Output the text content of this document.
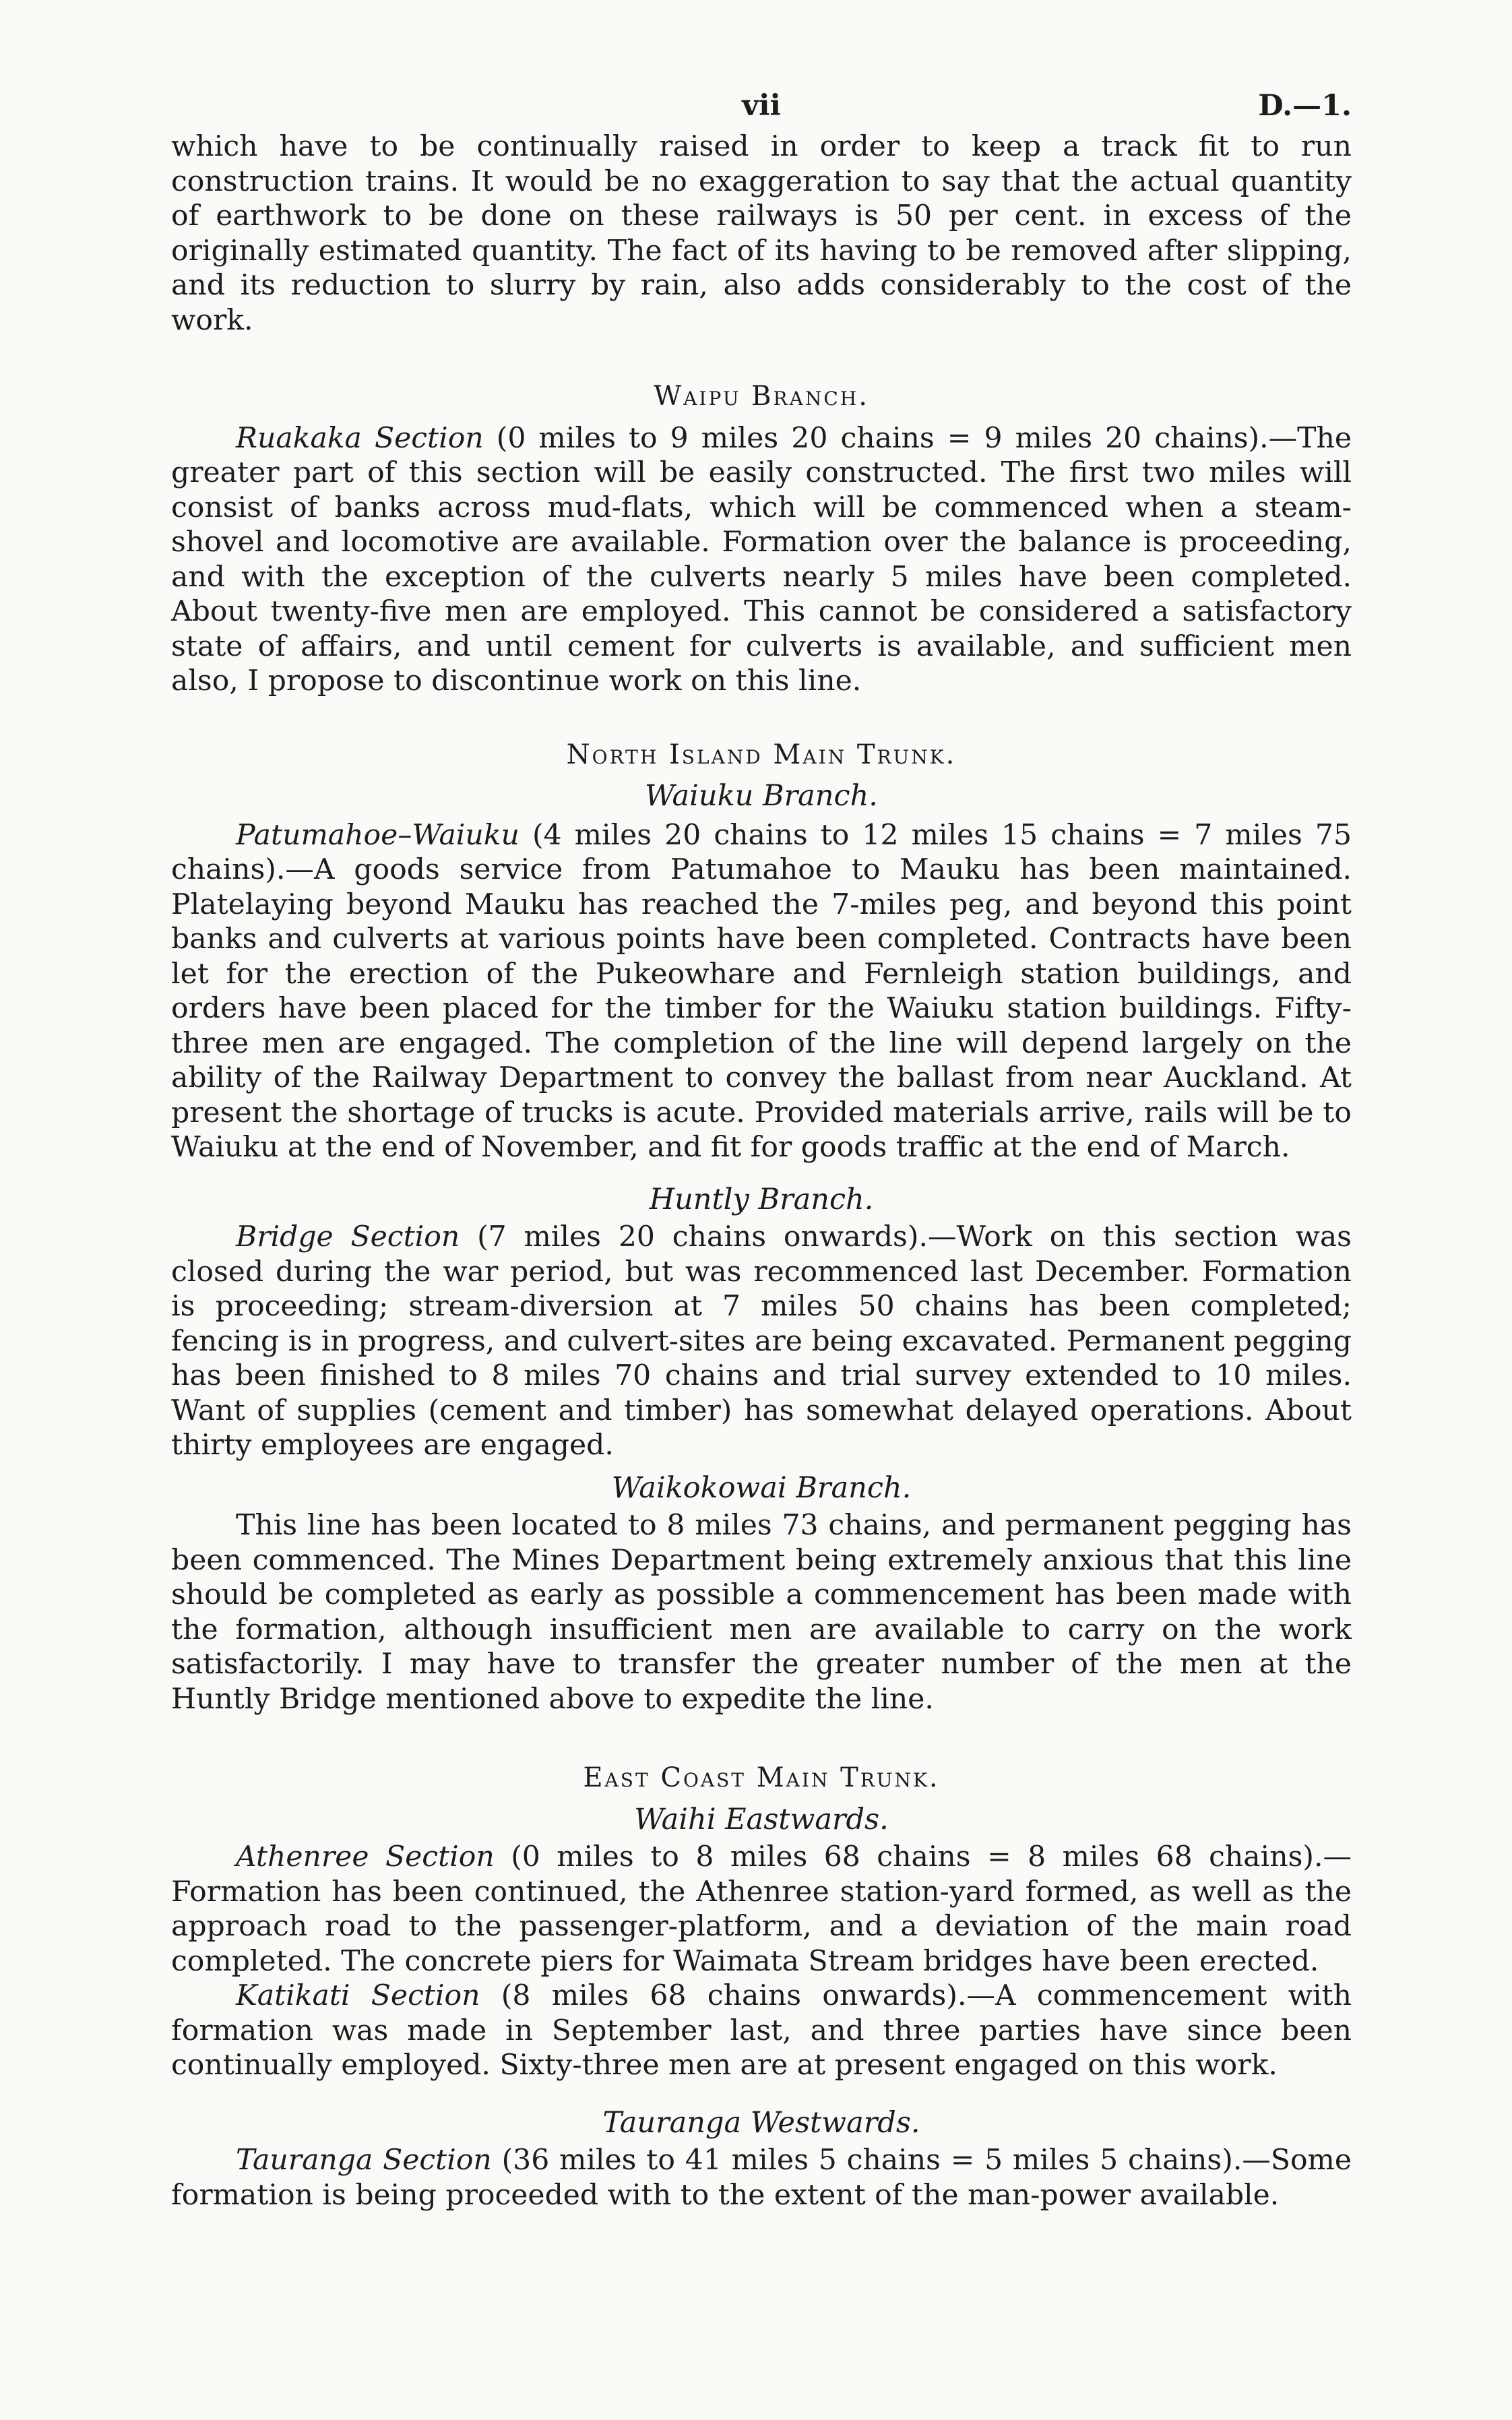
vii	D.—1.

which have to be continually raised in order to keep a track fit to run construction trains. It would be no exaggeration to say that the actual quantity of earthwork to be done on these railways is 50 per cent. in excess of the originally estimated quantity. The fact of its having to be removed after slipping, and its reduction to slurry by rain, also adds considerably to the cost of the work.

Waipu Branch.

Ruakaka Section (0 miles to 9 miles 20 chains = 9 miles 20 chains).—The greater part of this section will be easily constructed. The first two miles will consist of banks across mud-flats, which will be commenced when a steam-shovel and locomotive are available. Formation over the balance is proceeding, and with the exception of the culverts nearly 5 miles have been completed. About twenty-five men are employed. This cannot be considered a satisfactory state of affairs, and until cement for culverts is available, and sufficient men also, I propose to discontinue work on this line.

North Island Main Trunk.

Waiuku Branch.

Patumahoe–Waiuku (4 miles 20 chains to 12 miles 15 chains = 7 miles 75 chains).—A goods service from Patumahoe to Mauku has been maintained. Platelaying beyond Mauku has reached the 7-miles peg, and beyond this point banks and culverts at various points have been completed. Contracts have been let for the erection of the Pukeowhare and Fernleigh station buildings, and orders have been placed for the timber for the Waiuku station buildings. Fifty-three men are engaged. The completion of the line will depend largely on the ability of the Railway Department to convey the ballast from near Auckland. At present the shortage of trucks is acute. Provided materials arrive, rails will be to Waiuku at the end of November, and fit for goods traffic at the end of March.

Huntly Branch.

Bridge Section (7 miles 20 chains onwards).—Work on this section was closed during the war period, but was recommenced last December. Formation is proceeding; stream-diversion at 7 miles 50 chains has been completed; fencing is in progress, and culvert-sites are being excavated. Permanent pegging has been finished to 8 miles 70 chains and trial survey extended to 10 miles. Want of supplies (cement and timber) has somewhat delayed operations. About thirty employees are engaged.

Waikokowai Branch.

This line has been located to 8 miles 73 chains, and permanent pegging has been commenced. The Mines Department being extremely anxious that this line should be completed as early as possible a commencement has been made with the formation, although insufficient men are available to carry on the work satisfactorily. I may have to transfer the greater number of the men at the Huntly Bridge mentioned above to expedite the line.

East Coast Main Trunk.

Waihi Eastwards.

Athenree Section (0 miles to 8 miles 68 chains = 8 miles 68 chains).—Formation has been continued, the Athenree station-yard formed, as well as the approach road to the passenger-platform, and a deviation of the main road completed. The concrete piers for Waimata Stream bridges have been erected.

Katikati Section (8 miles 68 chains onwards).—A commencement with formation was made in September last, and three parties have since been continually employed. Sixty-three men are at present engaged on this work.

Tauranga Westwards.

Tauranga Section (36 miles to 41 miles 5 chains = 5 miles 5 chains).—Some formation is being proceeded with to the extent of the man-power available.
